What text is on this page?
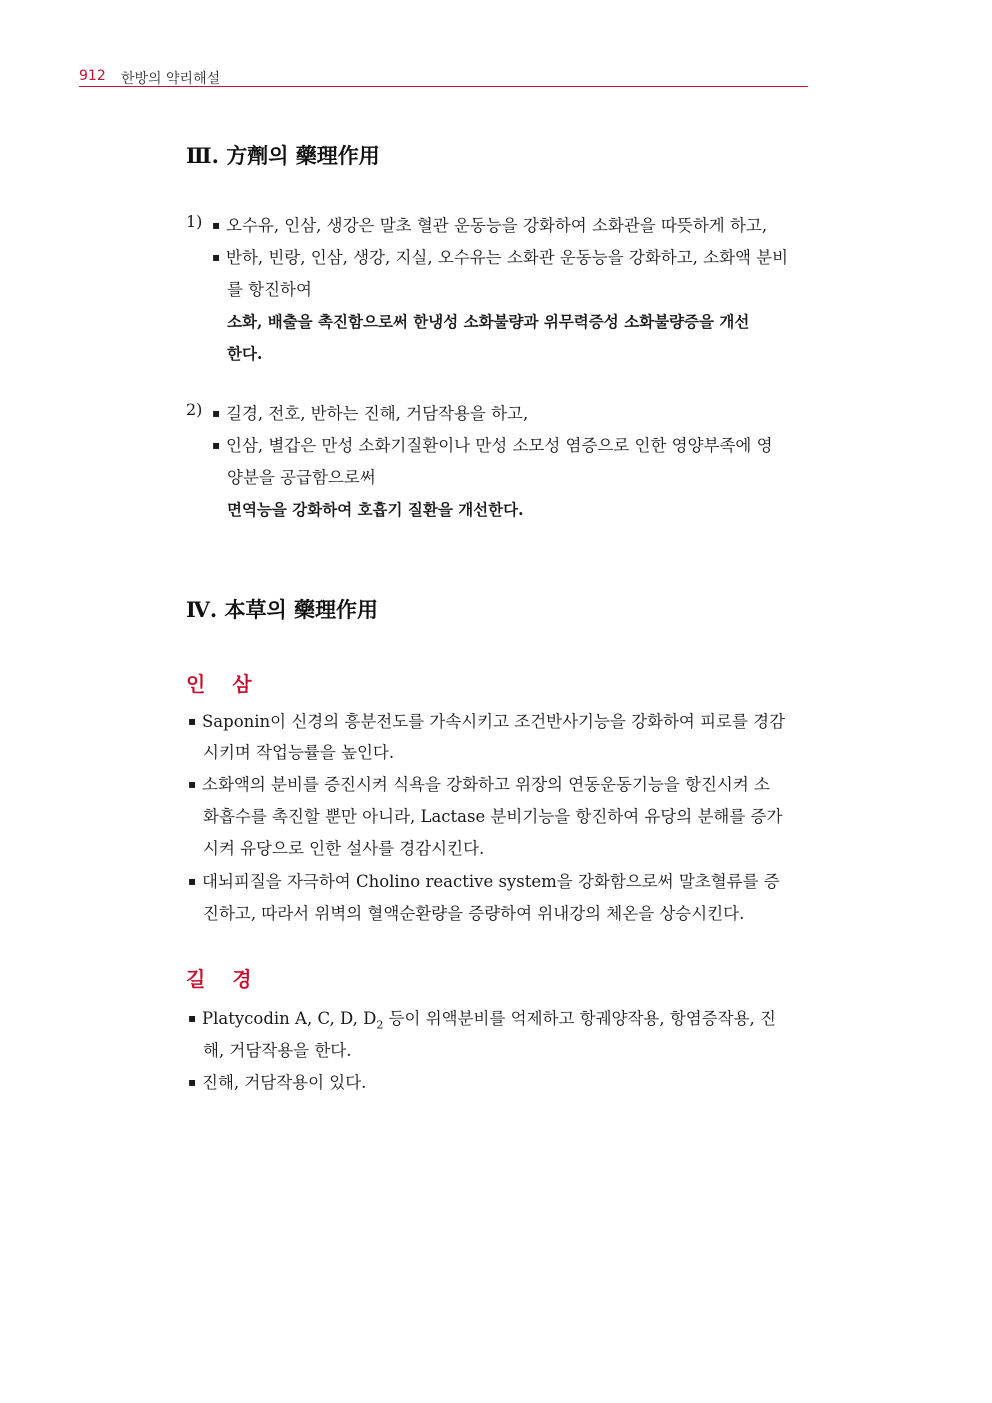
912 한방의 약리해설
Ⅲ. 方劑의 藥理作用
1) ▪ 오수유, 인삼, 생강은 말초 혈관 운동능을 강화하여 소화관을 따뜻하게 하고,
▪ 반하, 빈랑, 인삼, 생강, 지실, 오수유는 소화관 운동능을 강화하고, 소화액 분비
를 항진하여
소화, 배출을 촉진함으로써 한냉성 소화불량과 위무력증성 소화불량증을 개선
한다.
2) ▪ 길경, 전호, 반하는 진해, 거담작용을 하고,
▪ 인삼, 별갑은 만성 소화기질환이나 만성 소모성 염증으로 인한 영양부족에 영
양분을 공급함으로써
면역능을 강화하여 호흡기 질환을 개선한다.
Ⅳ. 本草의 藥理作用
인 삼
▪ Saponin이 신경의 흥분전도를 가속시키고 조건반사기능을 강화하여 피로를 경감
시키며 작업능률을 높인다.
▪ 소화액의 분비를 증진시켜 식욕을 강화하고 위장의 연동운동기능을 항진시켜 소
화흡수를 촉진할 뿐만 아니라, Lactase 분비기능을 항진하여 유당의 분해를 증가
시켜 유당으로 인한 설사를 경감시킨다.
▪ 대뇌피질을 자극하여 Cholino reactive system을 강화함으로써 말초혈류를 증
진하고, 따라서 위벽의 혈액순환량을 증량하여 위내강의 체온을 상승시킨다.
길 경
▪ Platycodin A, C, D, $D_2$ 등이 위액분비를 억제하고 항궤양작용, 항염증작용, 진
해, 거담작용을 한다.
▪ 진해, 거담작용이 있다.
